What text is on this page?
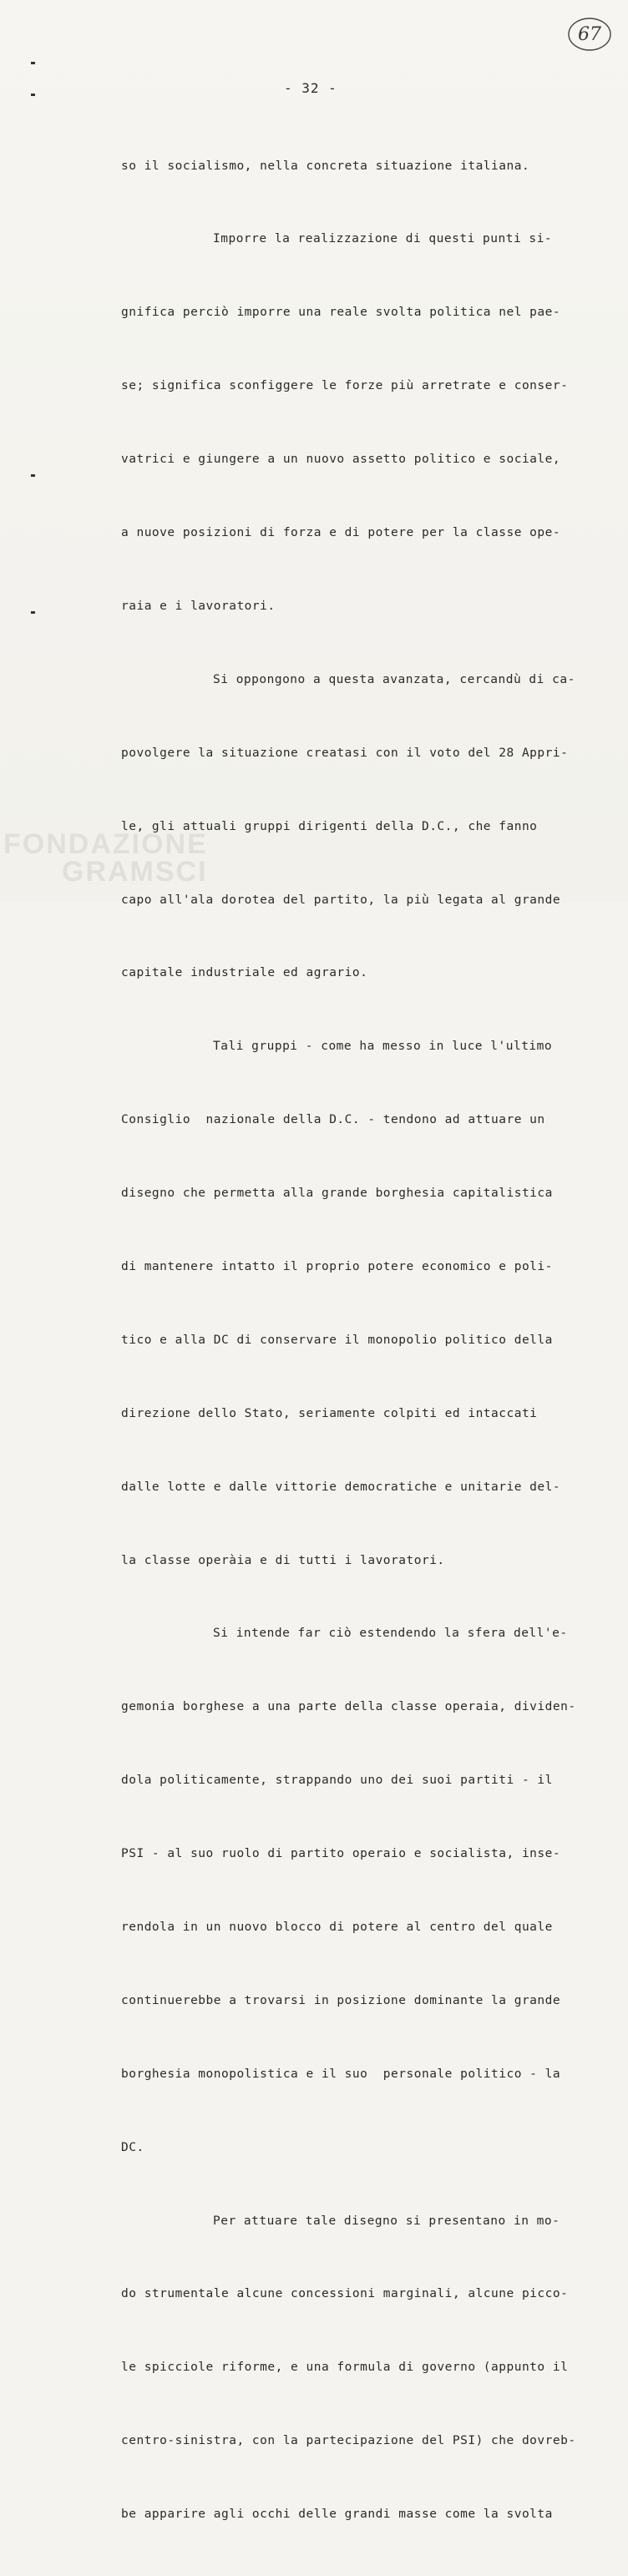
67
- 32 -

so il socialismo, nella concreta situazione italiana.

Imporre la realizzazione di questi punti si-

gnifica perciò imporre una reale svolta politica nel pae-

se; significa sconfiggere le forze più arretrate e conser-

vatrici e giungere a un nuovo assetto politico e sociale,

a nuove posizioni di forza e di potere per la classe ope-

raia e i lavoratori.

Si oppongono a questa avanzata, cercandù di ca-

povolgere la situazione creatasi con il voto del 28 Appri-

le, gli attuali gruppi dirigenti della D.C., che fanno

capo all'ala dorotea del partito, la più legata al grande

capitale industriale ed agrario.

Tali gruppi - come ha messo in luce l'ultimo

Consiglio  nazionale della D.C. - tendono ad attuare un

disegno che permetta alla grande borghesia capitalistica

di mantenere intatto il proprio potere economico e poli-

tico e alla DC di conservare il monopolio politico della

direzione dello Stato, seriamente colpiti ed intaccati

dalle lotte e dalle vittorie democratiche e unitarie del-

la classe operàia e di tutti i lavoratori.

Si intende far ciò estendendo la sfera dell'e-

gemonia borghese a una parte della classe operaia, dividen-

dola politicamente, strappando uno dei suoi partiti - il

PSI - al suo ruolo di partito operaio e socialista, inse-

rendola in un nuovo blocco di potere al centro del quale

continuerebbe a trovarsi in posizione dominante la grande

borghesia monopolistica e il suo  personale politico - la

DC.

Per attuare tale disegno si presentano in mo-

do strumentale alcune concessioni marginali, alcune picco-

le spicciole riforme, e una formula di governo (appunto il

centro-sinistra, con la partecipazione del PSI) che dovreb-

be apparire agli occhi delle grandi masse come la svolta

FONDAZIONE
GRAMSCI
